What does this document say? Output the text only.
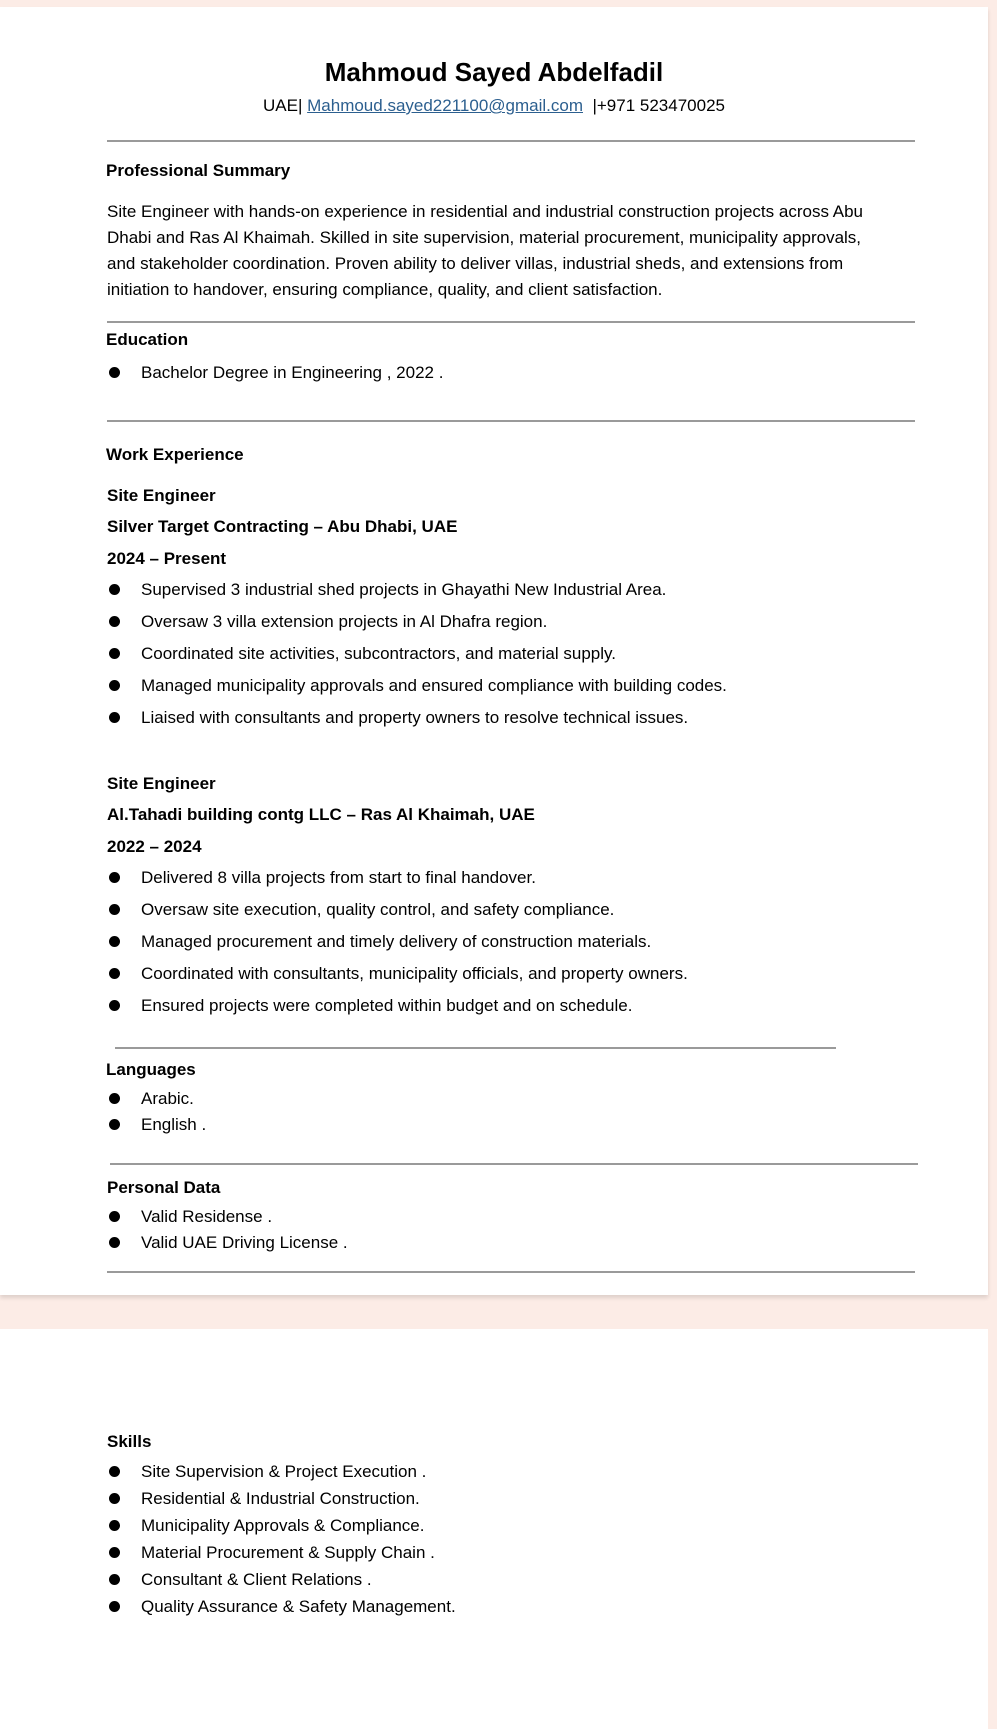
Mahmoud Sayed Abdelfadil
UAE| Mahmoud.sayed221100@gmail.com |+971 523470025
Professional Summary
Site Engineer with hands-on experience in residential and industrial construction projects across Abu
Dhabi and Ras Al Khaimah. Skilled in site supervision, material procurement, municipality approvals,
and stakeholder coordination. Proven ability to deliver villas, industrial sheds, and extensions from
initiation to handover, ensuring compliance, quality, and client satisfaction.
Education
Bachelor Degree in Engineering , 2022 .
Work Experience
Site Engineer
Silver Target Contracting – Abu Dhabi, UAE
2024 – Present
Supervised 3 industrial shed projects in Ghayathi New Industrial Area.
Oversaw 3 villa extension projects in Al Dhafra region.
Coordinated site activities, subcontractors, and material supply.
Managed municipality approvals and ensured compliance with building codes.
Liaised with consultants and property owners to resolve technical issues.
Site Engineer
Al.Tahadi building contg LLC – Ras Al Khaimah, UAE
2022 – 2024
Delivered 8 villa projects from start to final handover.
Oversaw site execution, quality control, and safety compliance.
Managed procurement and timely delivery of construction materials.
Coordinated with consultants, municipality officials, and property owners.
Ensured projects were completed within budget and on schedule.
Languages
Arabic.
English .
Personal Data
Valid Residense .
Valid UAE Driving License .
Skills
Site Supervision & Project Execution .
Residential & Industrial Construction.
Municipality Approvals & Compliance.
Material Procurement & Supply Chain .
Consultant & Client Relations .
Quality Assurance & Safety Management.
